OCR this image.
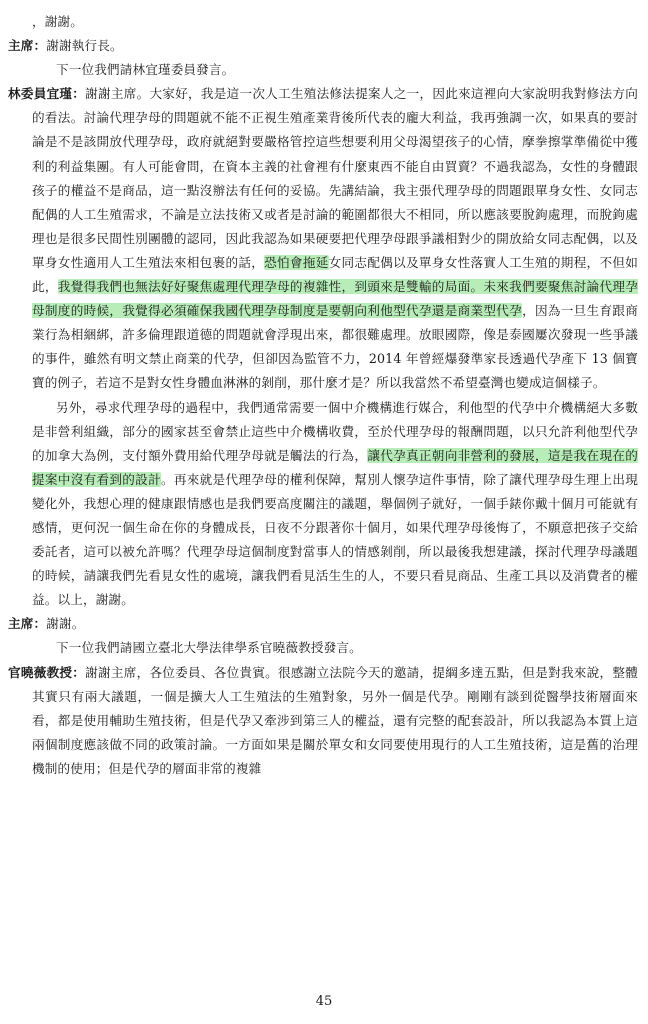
，謝謝。

主席：謝謝執行長。

下一位我們請林宜瑾委員發言。

林委員宜瑾：謝謝主席。大家好，我是這一次人工生殖法修法提案人之一，因此來這裡向大家說明我對修法方向的看法。討論代理孕母的問題就不能不正視生殖產業背後所代表的龐大利益，我再強調一次，如果真的要討論是不是該開放代理孕母，政府就絕對要嚴格管控這些想要利用父母渴望孩子的心情，摩拳擦掌準備從中獲利的利益集團。有人可能會問，在資本主義的社會裡有什麼東西不能自由買賣？不過我認為，女性的身體跟孩子的權益不是商品，這一點沒辦法有任何的妥協。先講結論，我主張代理孕母的問題跟單身女性、女同志配偶的人工生殖需求，不論是立法技術又或者是討論的範圍都很大不相同，所以應該要脫鉤處理，而脫鉤處理也是很多民間性別團體的認同，因此我認為如果硬要把代理孕母跟爭議相對少的開放給女同志配偶，以及單身女性適用人工生殖法來相包裹的話，恐怕會拖延女同志配偶以及單身女性落實人工生殖的期程，不但如此，我覺得我們也無法好好聚焦處理代理孕母的複雜性，到頭來是雙輸的局面。未來我們要聚焦討論代理孕母制度的時候，我覺得必須確保我國代理孕母制度是要朝向利他型代孕還是商業型代孕，因為一旦生育跟商業行為相綑綁，許多倫理跟道德的問題就會浮現出來，都很難處理。放眼國際，像是泰國屢次發現一些爭議的事件，雖然有明文禁止商業的代孕，但卻因為監管不力，2014 年曾經爆發準家長透過代孕產下 13 個寶寶的例子，若這不是對女性身體血淋淋的剝削，那什麼才是？所以我當然不希望臺灣也變成這個樣子。

另外，尋求代理孕母的過程中，我們通常需要一個中介機構進行媒合，利他型的代孕中介機構絕大多數是非營利組織，部分的國家甚至會禁止這些中介機構收費，至於代理孕母的報酬問題，以只允許利他型代孕的加拿大為例，支付額外費用給代理孕母就是觸法的行為，讓代孕真正朝向非營利的發展，這是我在現在的提案中沒有看到的設計。再來就是代理孕母的權利保障，幫別人懷孕這件事情，除了讓代理孕母生理上出現變化外，我想心理的健康跟情感也是我們要高度關注的議題，舉個例子就好，一個手錶你戴十個月可能就有感情，更何況一個生命在你的身體成長，日夜不分跟著你十個月，如果代理孕母後悔了，不願意把孩子交給委託者，這可以被允許嗎？代理孕母這個制度對當事人的情感剝削，所以最後我想建議，探討代理孕母議題的時候，請讓我們先看見女性的處境，讓我們看見活生生的人，不要只看見商品、生產工具以及消費者的權益。以上，謝謝。

主席：謝謝。

下一位我們請國立臺北大學法律學系官曉薇教授發言。

官曉薇教授：謝謝主席，各位委員、各位貴賓。很感謝立法院今天的邀請，提綱多達五點，但是對我來說，整體其實只有兩大議題，一個是擴大人工生殖法的生殖對象，另外一個是代孕。剛剛有談到從醫學技術層面來看，都是使用輔助生殖技術，但是代孕又牽涉到第三人的權益，還有完整的配套設計，所以我認為本質上這兩個制度應該做不同的政策討論。一方面如果是關於單女和女同要使用現行的人工生殖技術，這是舊的治理機制的使用；但是代孕的層面非常的複雜

45
